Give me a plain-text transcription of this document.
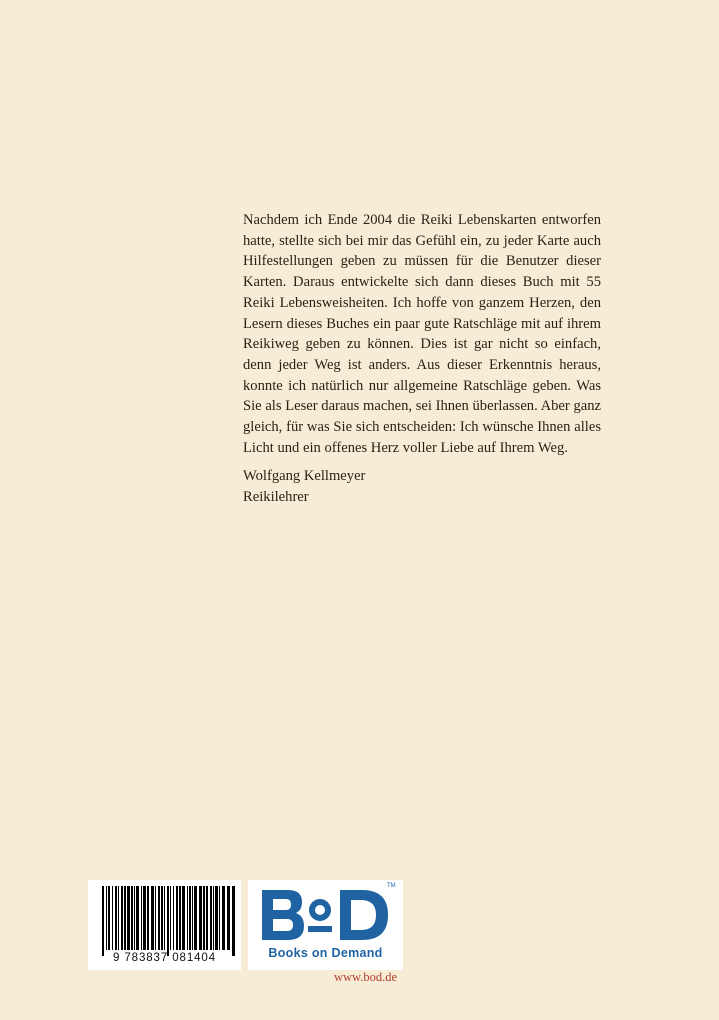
Nachdem ich Ende 2004 die Reiki Lebenskarten entworfen hatte, stellte sich bei mir das Gefühl ein, zu jeder Karte auch Hilfestellungen geben zu müssen für die Benutzer dieser Karten. Daraus entwickelte sich dann dieses Buch mit 55 Reiki Lebensweisheiten. Ich hoffe von ganzem Herzen, den Lesern dieses Buches ein paar gute Ratschläge mit auf ihrem Reikiweg geben zu können. Dies ist gar nicht so einfach, denn jeder Weg ist anders. Aus dieser Erkenntnis heraus, konnte ich natürlich nur allgemeine Ratschläge geben. Was Sie als Leser daraus machen, sei Ihnen überlassen. Aber ganz gleich, für was Sie sich entscheiden: Ich wünsche Ihnen alles Licht und ein offenes Herz voller Liebe auf Ihrem Weg.

Wolfgang Kellmeyer
Reikilehrer
9 783837 081404
TM
Books on Demand
www.bod.de
